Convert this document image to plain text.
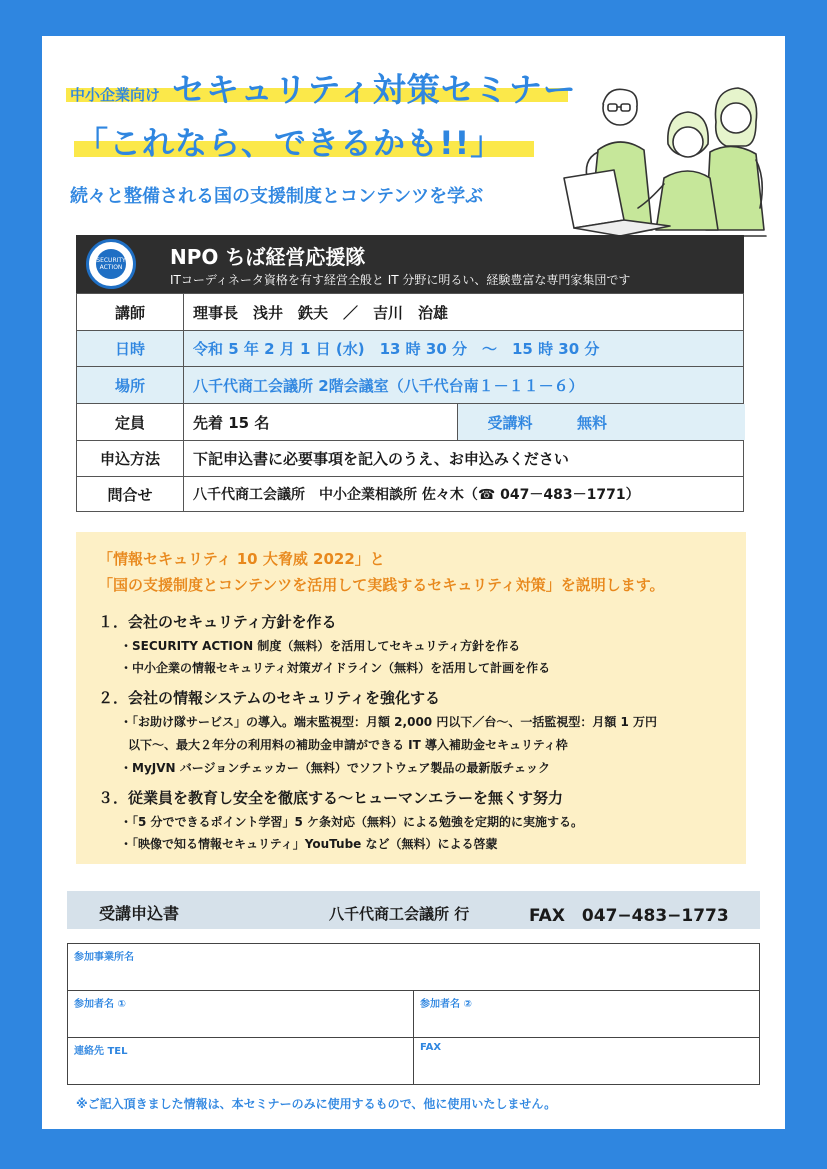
中小企業向け セキュリティ対策セミナー
「これなら、できるかも!!」
続々と整備される国の支援制度とコンテンツを学ぶ
SECURITY ACTION NPO ちば経営応援隊
ITコーディネータ資格を有す経営全般と IT 分野に明るい、経験豊富な専門家集団です
講師	理事長　浅井　鉄夫　／　吉川　治雄
日時	令和 5 年 2 月 1 日 (水)　13 時 30 分　～　15 時 30 分
場所	八千代商工会議所 2階会議室（八千代台南１－１１－６）
定員	先着 15 名	受講料	無料
申込方法	下記申込書に必要事項を記入のうえ、お申込みください
問合せ	八千代商工会議所　中小企業相談所 佐々木（☎ 047－483－1771）
「情報セキュリティ 10 大脅威 2022」と
「国の支援制度とコンテンツを活用して実践するセキュリティ対策」を説明します。
１．会社のセキュリティ方針を作る
・SECURITY ACTION 制度（無料）を活用してセキュリティ方針を作る
・中小企業の情報セキュリティ対策ガイドライン（無料）を活用して計画を作る
２．会社の情報システムのセキュリティを強化する
・「お助け隊サービス」の導入。端末監視型：月額 2,000 円以下／台～、一括監視型：月額 1 万円
以下～、最大２年分の利用料の補助金申請ができる IT 導入補助金セキュリティ枠
・MyJVN バージョンチェッカー（無料）でソフトウェア製品の最新版チェック
３．従業員を教育し安全を徹底する～ヒューマンエラーを無くす努力
・「5 分でできるポイント学習」5 ケ条対応（無料）による勉強を定期的に実施する。
・「映像で知る情報セキュリティ」YouTube など（無料）による啓蒙
受講申込書	八千代商工会議所 行	FAX　047−483−1773
参加事業所名
参加者名 ①	参加者名 ②
連絡先 TEL	FAX
※ご記入頂きました情報は、本セミナーのみに使用するもので、他に使用いたしません。
